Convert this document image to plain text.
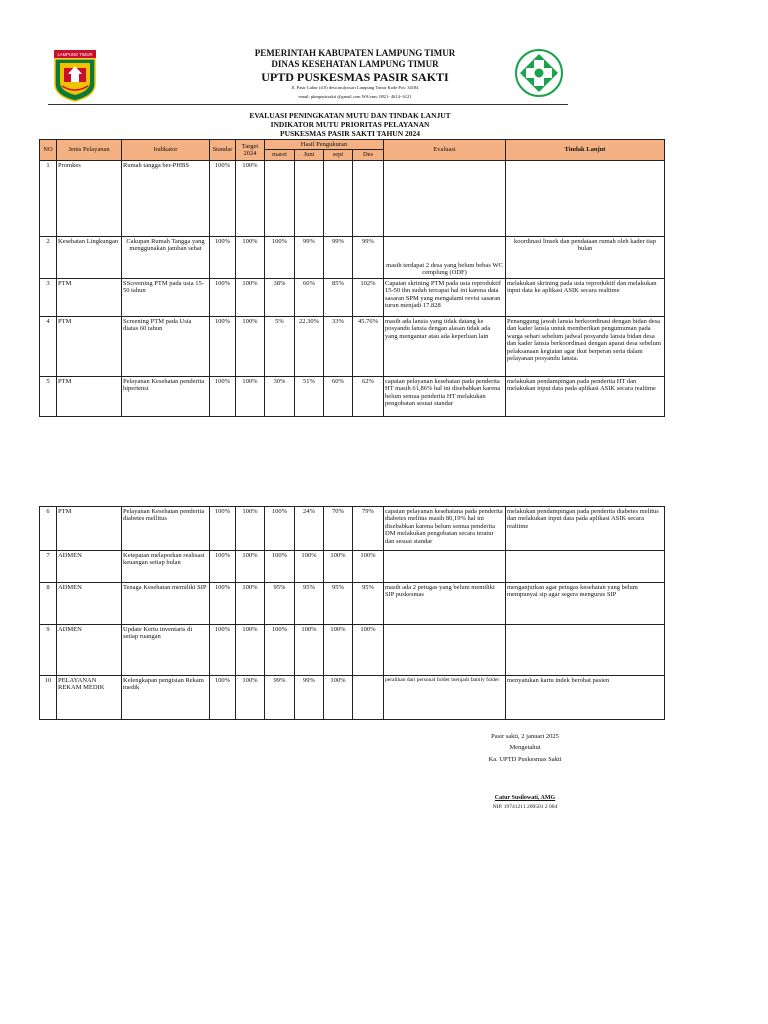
LAMPUNG TIMUR	PEMERINTAH KABUPATEN LAMPUNG TIMUR
DINAS KESEHATAN LAMPUNG TIMUR
UPTD PUSKESMAS PASIR SAKTI
Jl. Pasir Luhur (d.0) desa mulyosari Lampung Timur Kode Pos: 34184
email: pkmpasirsakti @gmail.com WA/sms: 0821- 4614- 6121
EVALUASI PENINGKATAN MUTU DAN TINDAK LANJUT
INDIKATOR MUTU PRIORITAS PELAYANAN
PUSKESMAS PASIR SAKTI TAHUN 2024
NO	Jenis Pelayanan	Indikator	Standar	Target 2024	Hasil Pengukuran				Evaluasi	Tindak Lanjut
					maret	Juni	sept	Des		
1	Promkes	Rumah tangga ber-PHBS	100%	100%						
2	Kesehatan Lingkungan	Cakupan Rumah Tangga yang menggunakan jamban sehat	100%	100%	100%	99%	99%	99%	masih terdapat 2 desa yang belum bebas WC cemplung (ODF)	koordinasi linsek dan pendataan rumah oleh kader tiap bulan
3	PTM	SScreening PTM pada usia 15-50 tahun	100%	100%	38%	60%	85%	102%	Capaian skrining PTM pada usia reproduktif 15-50 thn sudah tercapai hal ini karena data sasaran SPM yang mengalami revisi sasaran turun menjadi 17.828	melakukan skrining pada usia reproduktif dan melakukan input data ke aplikasi ASIK secara realtime
4	PTM	Screening PTM pada Usia diatas 60 tahun	100%	100%	5%	22.30%	33%	45.76%	masih ada lansia yang tidak datang ke posyandu lansia dengan alasan tidak ada yang mengantar atau ada keperluan lain	Penanggung jawab lansia berkoordinasi dengan bidan desa dan kader lansia untuk memberikan pengumuman pada warga sehari sebelum jadwal posyandu lansia bidan desa dan kader lansia berkoordinasi dengan aparat desa sebelum pelaksanaan kegiatan agar ikut berperan serta dalam pelayanan posyandu lansia.
5	PTM	Pelayanan Kesehatan penderita hipertensi	100%	100%	30%	51%	60%	62%	capaian pelayanan kesehatan pada penderita HT masih 61,86% hal ini disebabkan karena belum semua penderita HT melakukan pengobatan sesuai standar	melakukan pendampingan pada penderita HT dan melakukan input data pada aplikasi ASIK secara realtime
6	PTM	Pelayanan Kesehatan penderita diabetes mellitus	100%	100%	100%	24%	70%	79%	capaian pelayanan kesehatana pada penderita diabetes melitus masih 80,19% hal ini disebabkan karena belum semua penderita DM melakukan pengobatan secara teratur dan sesuai standar	melakukan pendampingan pada penderita diabetes melitus dan melakukan input data pada aplikasi ASIK secara realtime
7	ADMEN	Ketepatan melaporkan realisasi keuangan setiap bulan	100%	100%	100%	100%	100%	100%		
8	ADMEN	Tenaga Kesehatan memiliki SIP	100%	100%	95%	95%	95%	95%	masih ada 2 petugas yang belum memiliki SIP puskesmas	menganjurkan agar petugas kesehatan yang belum mempunyai sip agar segera mengurus SIP
9	ADMEN	Update Kertu inventaris di setiap ruangan	100%	100%	100%	100%	100%	100%		
10	PELAYANAN REKAM MEDIK	Kelengkapan pengisian Rekam medik	100%	100%	99%	99%	100%		peralihan dari personal folder menjadi family folder	menyatukan kartu indek berobat pasien
Pasir sakti, 2 januari 2025
Mengetahui
Ka. UPTD Puskesmas Sakti
Catur Susilowati, AMG
NIP. 19741211 200501 2 004
